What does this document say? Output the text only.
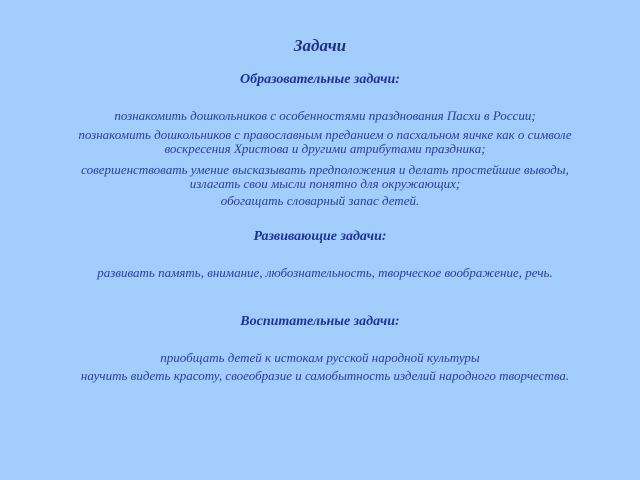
Задачи
Образовательные задачи:
познакомить дошкольников с особенностями празднования Пасхи в России;
познакомить дошкольников с православным преданием о пасхальном яичке как о символе воскресения Христова и другими атрибутами праздника;
совершенствовать умение высказывать предположения и делать простейшие выводы, излагать свои мысли понятно для окружающих;
обогащать словарный запас детей.
Развивающие задачи:
развивать память, внимание, любознательность, творческое воображение, речь.
Воспитательные задачи:
приобщать детей к истокам русской народной культуры
научить видеть красоту, своеобразие и самобытность изделий народного творчества.
